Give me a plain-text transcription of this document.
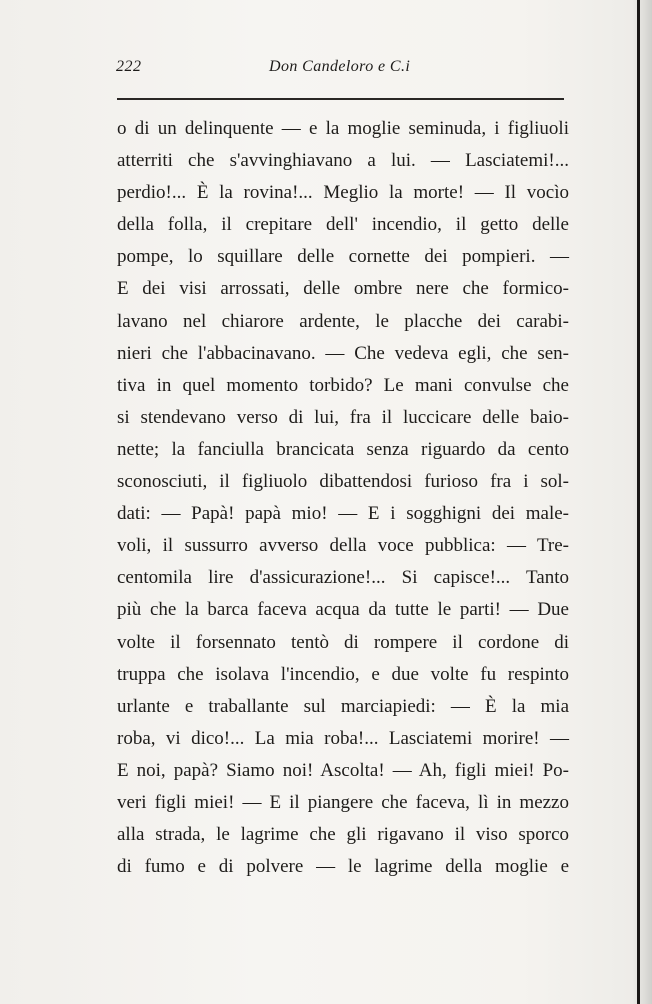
222	Don Candeloro e C.i
o di un delinquente — e la moglie seminuda, i figliuoli
atterriti che s'avvinghiavano a lui. — Lasciatemi!...
perdio!... È la rovina!... Meglio la morte! — Il vocìo
della folla, il crepitare dell' incendio, il getto delle
pompe, lo squillare delle cornette dei pompieri. —
E dei visi arrossati, delle ombre nere che formico-
lavano nel chiarore ardente, le placche dei carabi-
nieri che l'abbacinavano. — Che vedeva egli, che sen-
tiva in quel momento torbido? Le mani convulse che
si stendevano verso di lui, fra il luccicare delle baio-
nette; la fanciulla brancicata senza riguardo da cento
sconosciuti, il figliuolo dibattendosi furioso fra i sol-
dati: — Papà! papà mio! — E i sogghigni dei male-
voli, il sussurro avverso della voce pubblica: — Tre-
centomila lire d'assicurazione!... Si capisce!... Tanto
più che la barca faceva acqua da tutte le parti! — Due
volte il forsennato tentò di rompere il cordone di
truppa che isolava l'incendio, e due volte fu respinto
urlante e traballante sul marciapiedi: — È la mia
roba, vi dico!... La mia roba!... Lasciatemi morire! —
E noi, papà? Siamo noi! Ascolta! — Ah, figli miei! Po-
veri figli miei! — E il piangere che faceva, lì in mezzo
alla strada, le lagrime che gli rigavano il viso sporco
di fumo e di polvere — le lagrime della moglie e
